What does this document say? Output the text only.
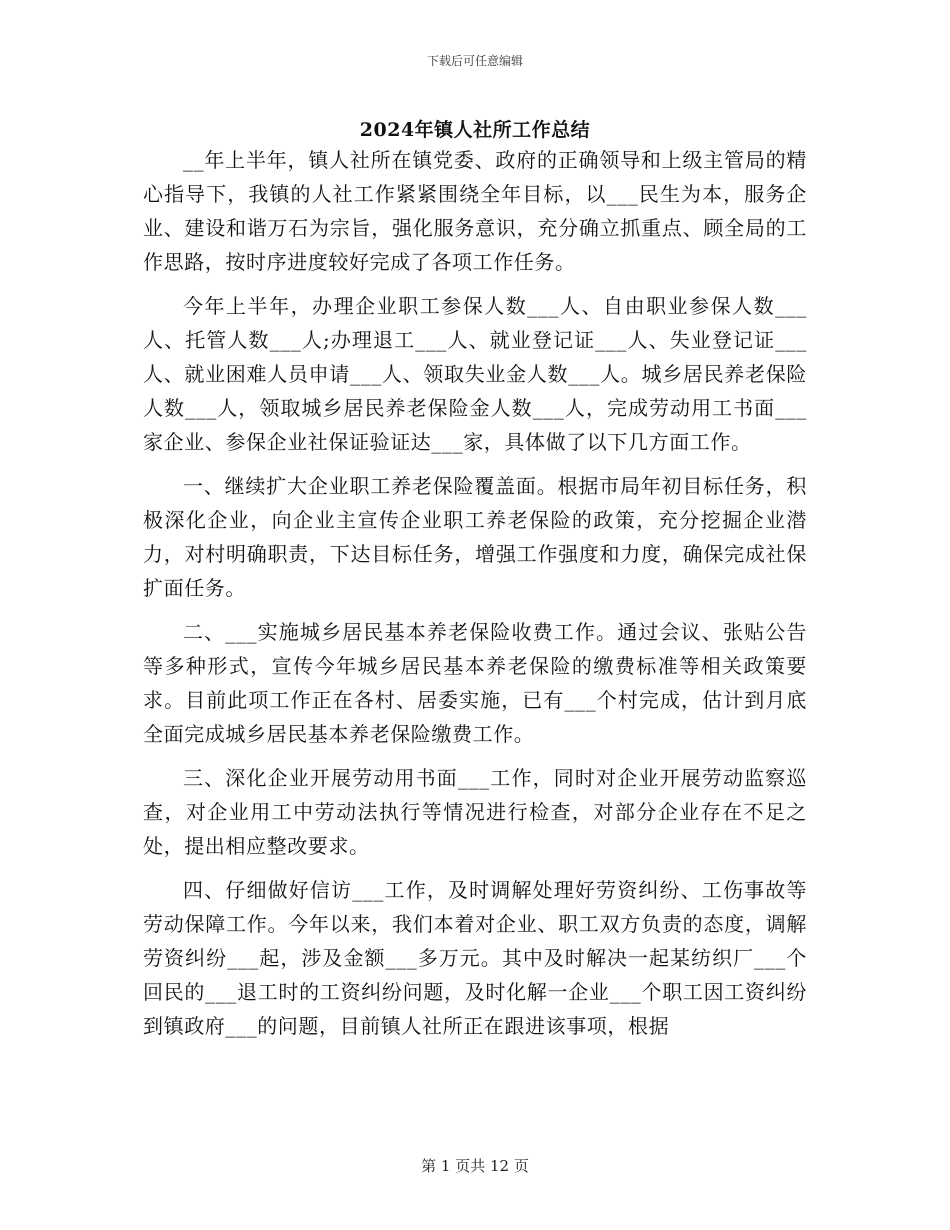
下载后可任意编辑
2024年镇人社所工作总结

__年上半年，镇人社所在镇党委、政府的正确领导和上级主管局的精心指导下，我镇的人社工作紧紧围绕全年目标，以___民生为本，服务企业、建设和谐万石为宗旨，强化服务意识，充分确立抓重点、顾全局的工作思路，按时序进度较好完成了各项工作任务。

今年上半年，办理企业职工参保人数___人、自由职业参保人数___人、托管人数___人;办理退工___人、就业登记证___人、失业登记证___人、就业困难人员申请___人、领取失业金人数___人。城乡居民养老保险人数___人，领取城乡居民养老保险金人数___人，完成劳动用工书面___家企业、参保企业社保证验证达___家，具体做了以下几方面工作。

一、继续扩大企业职工养老保险覆盖面。根据市局年初目标任务，积极深化企业，向企业主宣传企业职工养老保险的政策，充分挖掘企业潜力，对村明确职责，下达目标任务，增强工作强度和力度，确保完成社保扩面任务。

二、___实施城乡居民基本养老保险收费工作。通过会议、张贴公告等多种形式，宣传今年城乡居民基本养老保险的缴费标准等相关政策要求。目前此项工作正在各村、居委实施，已有___个村完成，估计到月底全面完成城乡居民基本养老保险缴费工作。

三、深化企业开展劳动用书面___工作，同时对企业开展劳动监察巡查，对企业用工中劳动法执行等情况进行检查，对部分企业存在不足之处，提出相应整改要求。

四、仔细做好信访___工作，及时调解处理好劳资纠纷、工伤事故等劳动保障工作。今年以来，我们本着对企业、职工双方负责的态度，调解劳资纠纷___起，涉及金额___多万元。其中及时解决一起某纺织厂___个回民的___退工时的工资纠纷问题，及时化解一企业___个职工因工资纠纷到镇政府___的问题，目前镇人社所正在跟进该事项，根据

第 1 页共 12 页
